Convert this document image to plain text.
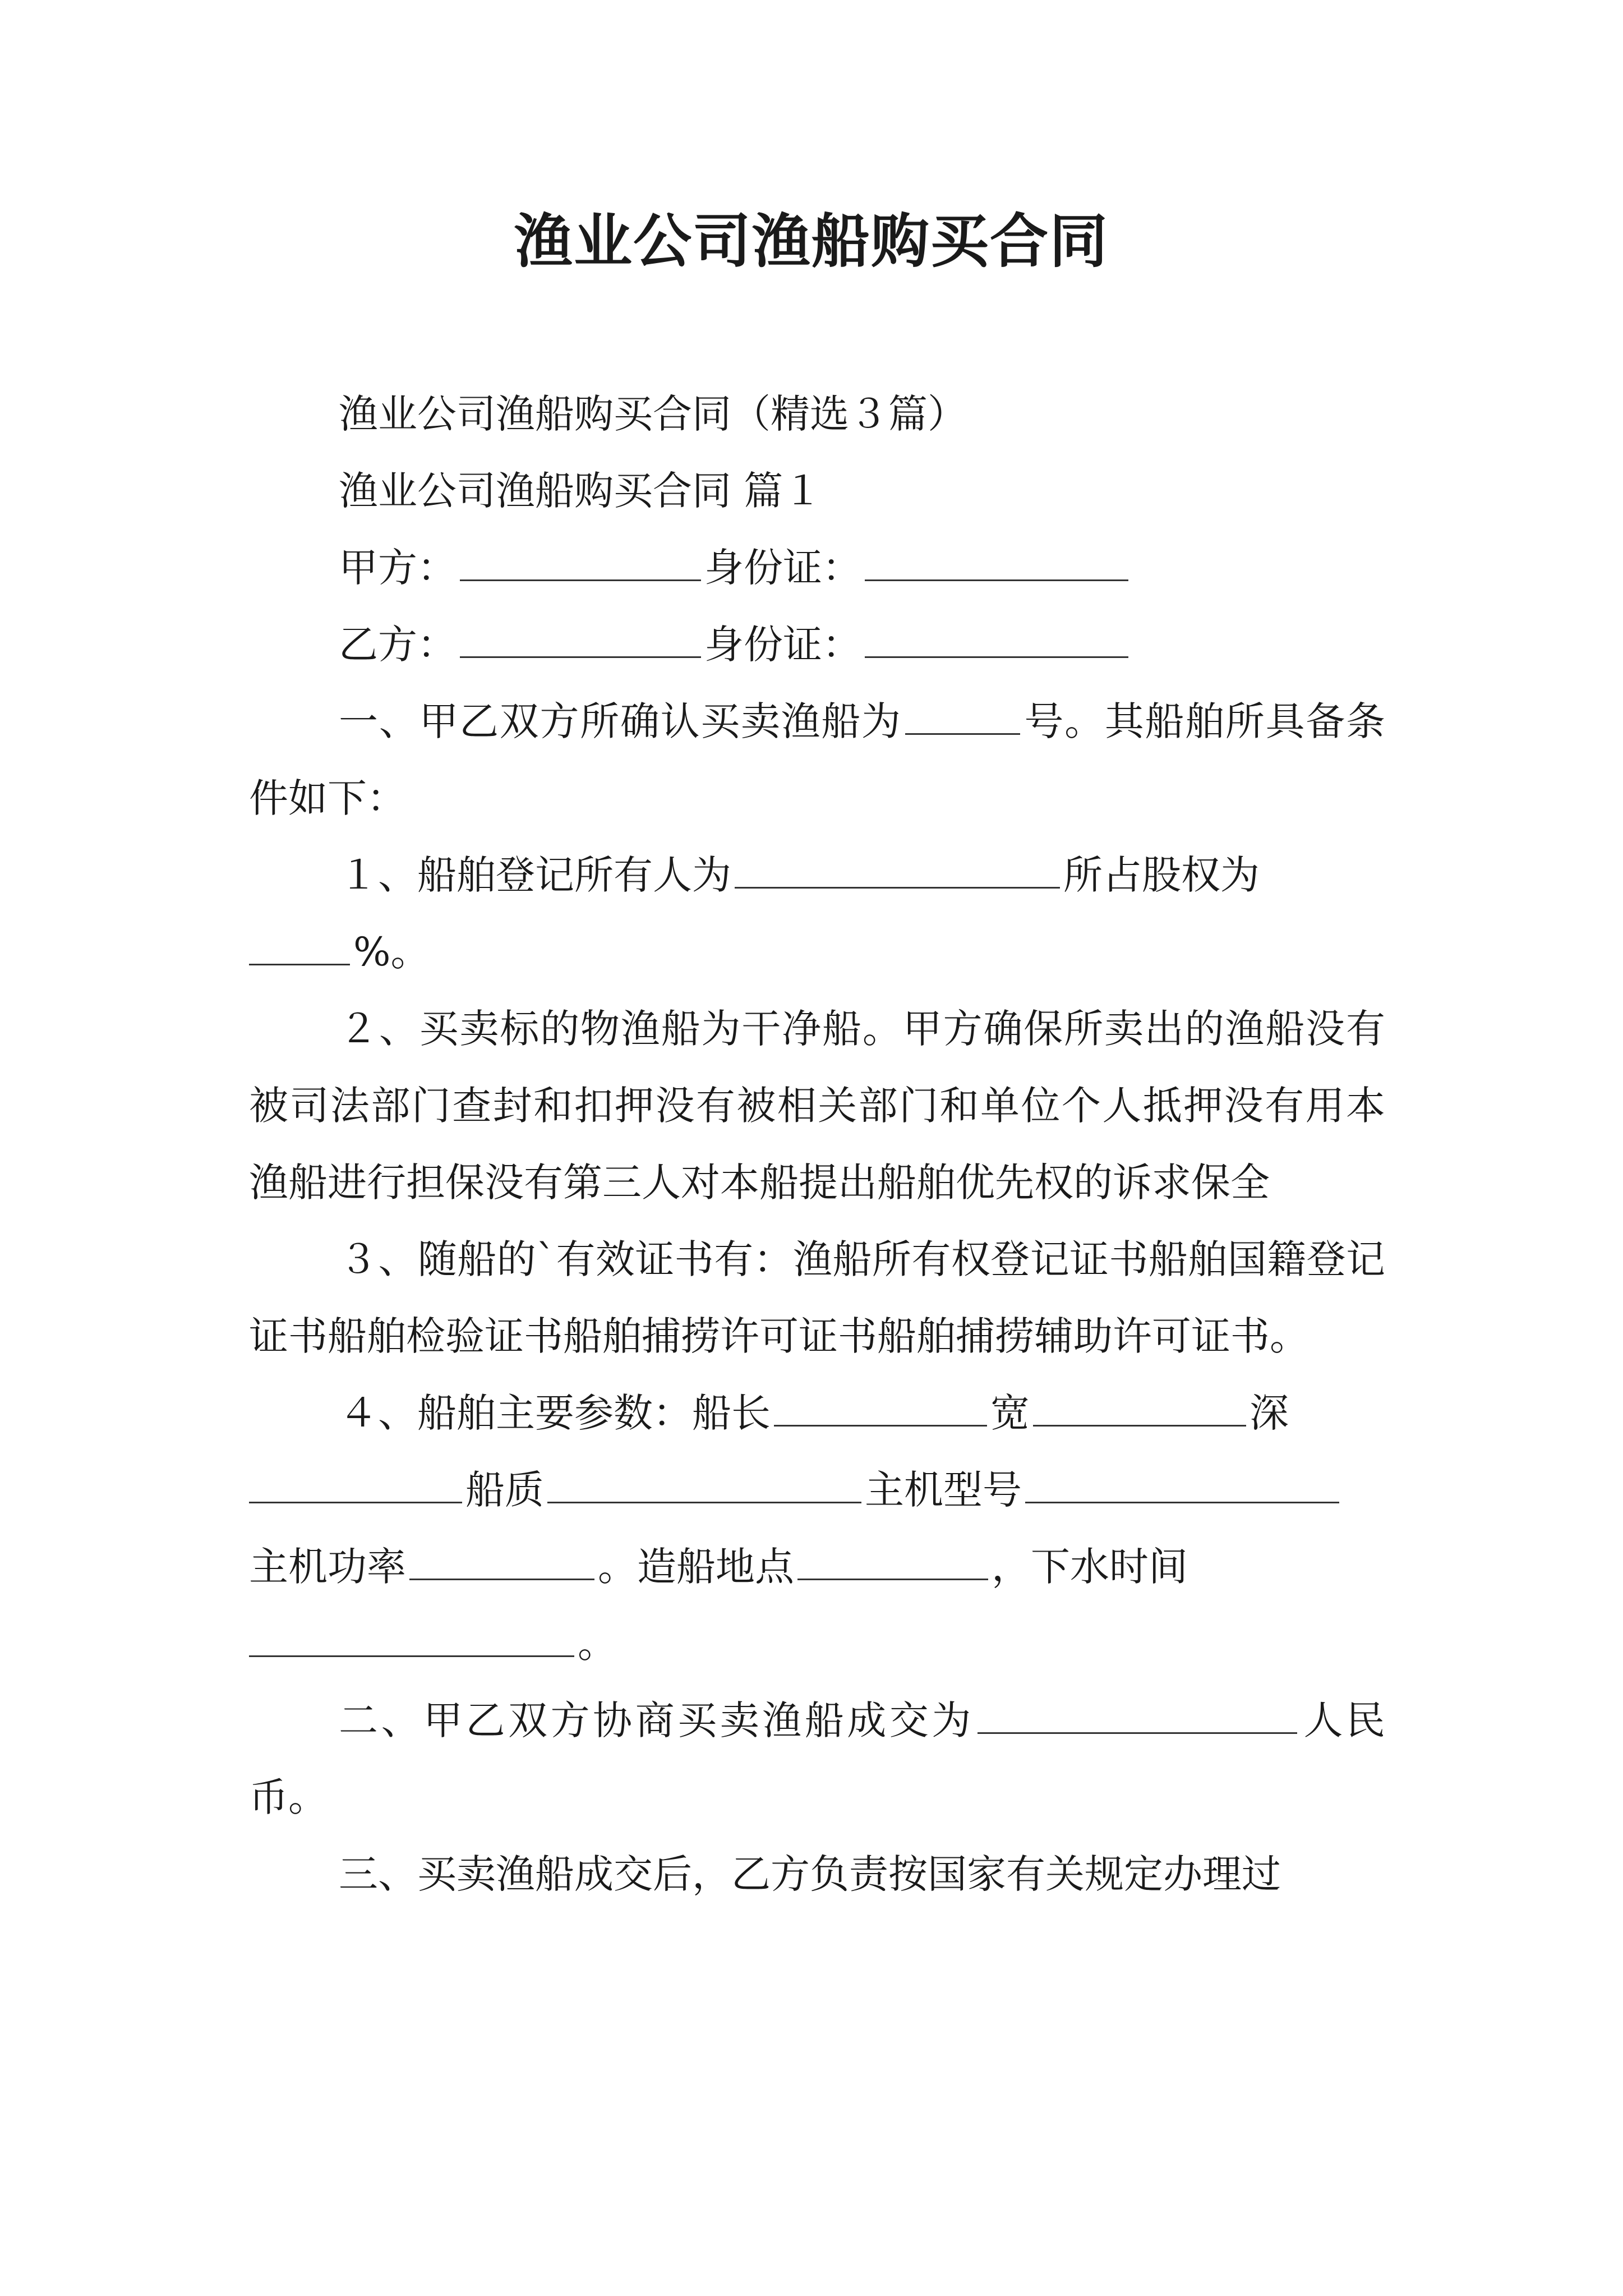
渔业公司渔船购买合同

渔业公司渔船购买合同（精选３篇）

渔业公司渔船购买合同 篇１

甲方：	身份证：

乙方：	身份证：

一、甲乙双方所确认买卖渔船为	号。其船舶所具备条件如下：

１、船舶登记所有人为	所占股权为
%。

２、买卖标的物渔船为干净船。甲方确保所卖出的渔船没有被司法部门查封和扣押没有被相关部门和单位个人抵押没有用本渔船进行担保没有第三人对本船提出船舶优先权的诉求保全

３、随船的`有效证书有：渔船所有权登记证书船舶国籍登记证书船舶检验证书船舶捕捞许可证书船舶捕捞辅助许可证书。

４、船舶主要参数：船长	宽	深
船质	主机型号
主机功率	。造船地点	，下水时间
。

二、甲乙双方协商买卖渔船成交为	人民币。

三、买卖渔船成交后，乙方负责按国家有关规定办理过
